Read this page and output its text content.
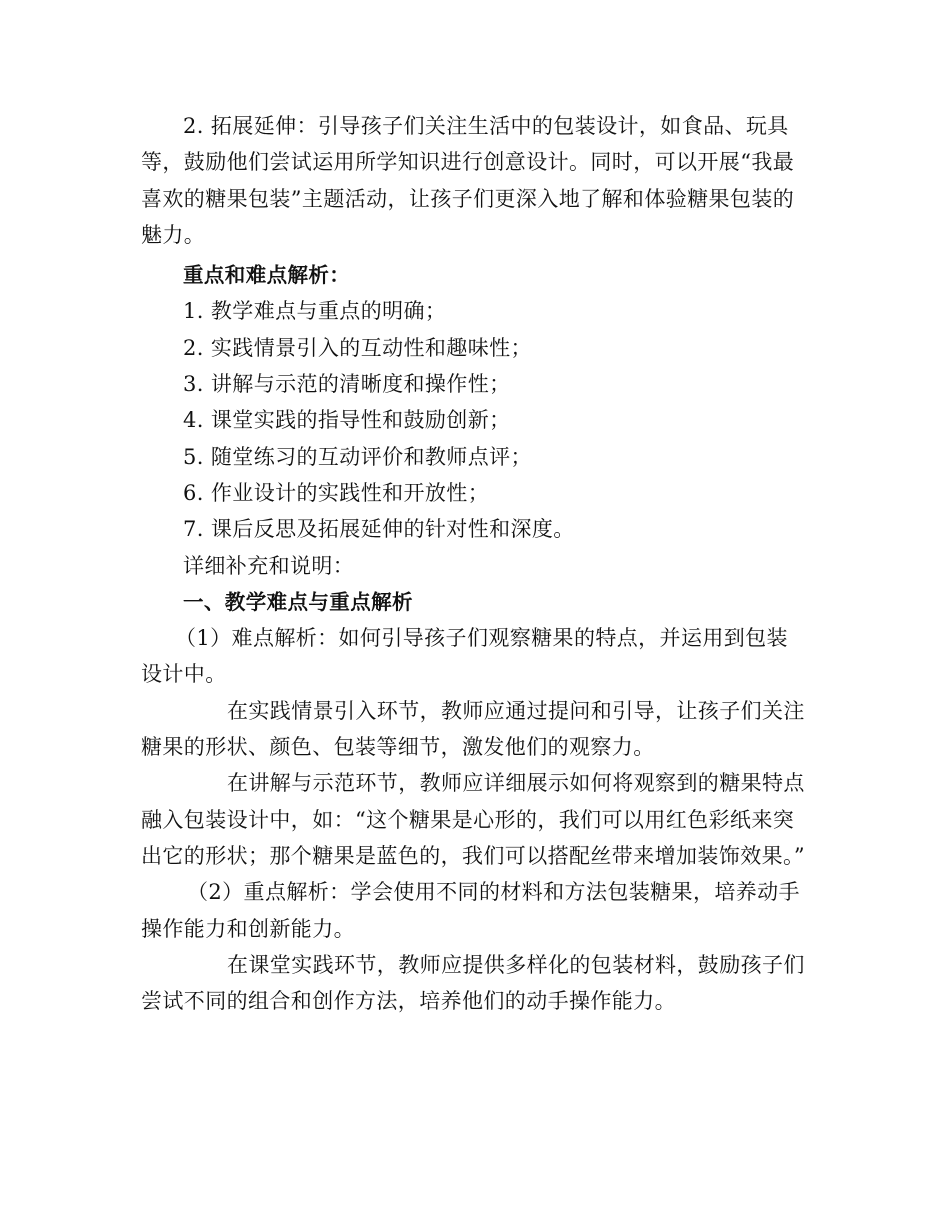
2. 拓展延伸：引导孩子们关注生活中的包装设计，如食品、玩具等，鼓励他们尝试运用所学知识进行创意设计。同时，可以开展“我最喜欢的糖果包装”主题活动，让孩子们更深入地了解和体验糖果包装的魅力。

重点和难点解析：

1. 教学难点与重点的明确；

2. 实践情景引入的互动性和趣味性；

3. 讲解与示范的清晰度和操作性；

4. 课堂实践的指导性和鼓励创新；

5. 随堂练习的互动评价和教师点评；

6. 作业设计的实践性和开放性；

7. 课后反思及拓展延伸的针对性和深度。

详细补充和说明：

一、教学难点与重点解析

（1）难点解析：如何引导孩子们观察糖果的特点，并运用到包装设计中。

在实践情景引入环节，教师应通过提问和引导，让孩子们关注糖果的形状、颜色、包装等细节，激发他们的观察力。

在讲解与示范环节，教师应详细展示如何将观察到的糖果特点融入包装设计中，如：“这个糖果是心形的，我们可以用红色彩纸来突出它的形状；那个糖果是蓝色的，我们可以搭配丝带来增加装饰效果。”

（2）重点解析：学会使用不同的材料和方法包装糖果，培养动手操作能力和创新能力。

在课堂实践环节，教师应提供多样化的包装材料，鼓励孩子们尝试不同的组合和创作方法，培养他们的动手操作能力。
